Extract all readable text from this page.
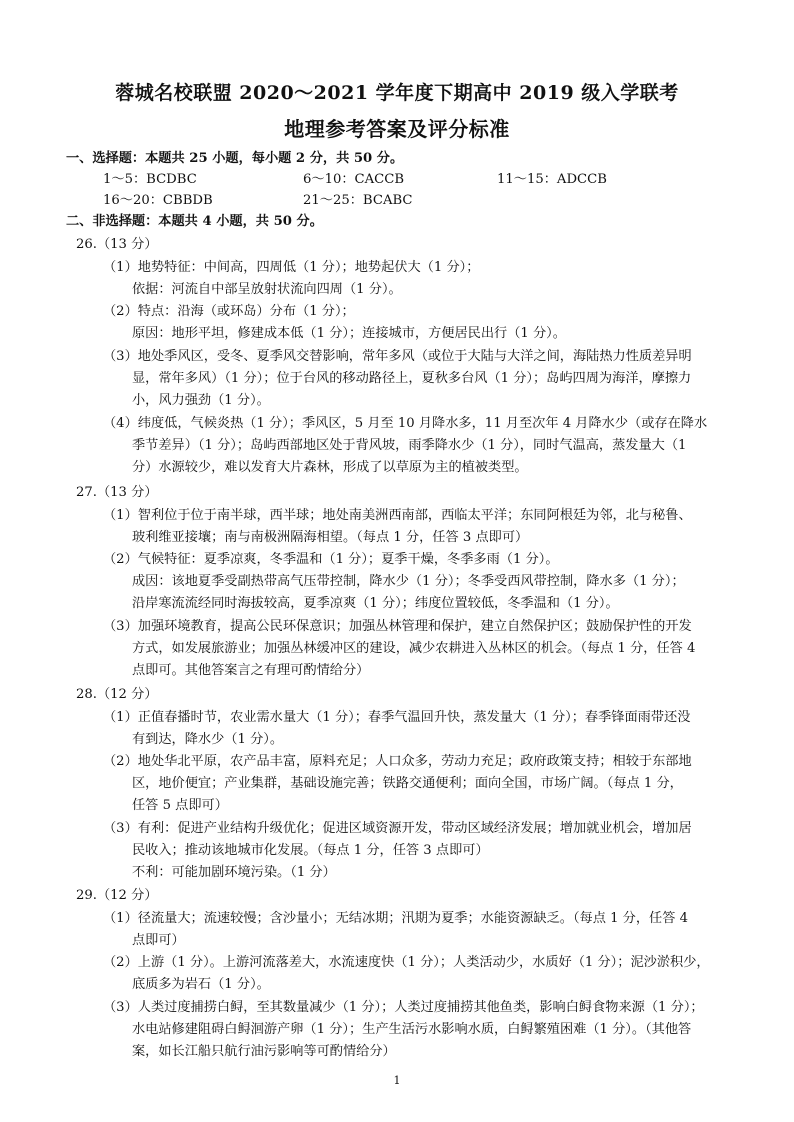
蓉城名校联盟 2020～2021 学年度下期高中 2019 级入学联考
地理参考答案及评分标准
一、选择题：本题共 25 小题，每小题 2 分，共 50 分。
1～5：BCDBC	6～10：CACCB	11～15：ADCCB
16～20：CBBDB	21～25：BCABC
二、非选择题：本题共 4 小题，共 50 分。
26.（13 分）
（1）地势特征：中间高，四周低（1 分）；地势起伏大（1 分）；
依据：河流自中部呈放射状流向四周（1 分）。
（2）特点：沿海（或环岛）分布（1 分）；
原因：地形平坦，修建成本低（1 分）；连接城市，方便居民出行（1 分）。
（3）地处季风区，受冬、夏季风交替影响，常年多风（或位于大陆与大洋之间，海陆热力性质差异明
显，常年多风）（1 分）；位于台风的移动路径上，夏秋多台风（1 分）；岛屿四周为海洋，摩擦力
小，风力强劲（1 分）。
（4）纬度低，气候炎热（1 分）；季风区，5 月至 10 月降水多，11 月至次年 4 月降水少（或存在降水
季节差异）（1 分）；岛屿西部地区处于背风坡，雨季降水少（1 分），同时气温高，蒸发量大（1
分）水源较少，难以发育大片森林，形成了以草原为主的植被类型。
27.（13 分）
（1）智利位于位于南半球，西半球；地处南美洲西南部，西临太平洋；东同阿根廷为邻，北与秘鲁、
玻利维亚接壤；南与南极洲隔海相望。（每点 1 分，任答 3 点即可）
（2）气候特征：夏季凉爽，冬季温和（1 分）；夏季干燥，冬季多雨（1 分）。
成因：该地夏季受副热带高气压带控制，降水少（1 分）；冬季受西风带控制，降水多（1 分）；
沿岸寒流流经同时海拔较高，夏季凉爽（1 分）；纬度位置较低，冬季温和（1 分）。
（3）加强环境教育，提高公民环保意识；加强丛林管理和保护，建立自然保护区；鼓励保护性的开发
方式，如发展旅游业；加强丛林缓冲区的建设，减少农耕进入丛林区的机会。（每点 1 分，任答 4
点即可。其他答案言之有理可酌情给分）
28.（12 分）
（1）正值春播时节，农业需水量大（1 分）；春季气温回升快，蒸发量大（1 分）；春季锋面雨带还没
有到达，降水少（1 分）。
（2）地处华北平原，农产品丰富，原料充足；人口众多，劳动力充足；政府政策支持；相较于东部地
区，地价便宜；产业集群，基础设施完善；铁路交通便利；面向全国，市场广阔。（每点 1 分，
任答 5 点即可）
（3）有利：促进产业结构升级优化；促进区域资源开发，带动区域经济发展；增加就业机会，增加居
民收入；推动该地城市化发展。（每点 1 分，任答 3 点即可）
不利：可能加剧环境污染。（1 分）
29.（12 分）
（1）径流量大；流速较慢；含沙量小；无结冰期；汛期为夏季；水能资源缺乏。（每点 1 分，任答 4
点即可）
（2）上游（1 分）。上游河流落差大，水流速度快（1 分）；人类活动少，水质好（1 分）；泥沙淤积少，
底质多为岩石（1 分）。
（3）人类过度捕捞白鲟，至其数量减少（1 分）；人类过度捕捞其他鱼类，影响白鲟食物来源（1 分）；
水电站修建阻碍白鲟洄游产卵（1 分）；生产生活污水影响水质，白鲟繁殖困难（1 分）。（其他答
案，如长江船只航行油污影响等可酌情给分）
1
